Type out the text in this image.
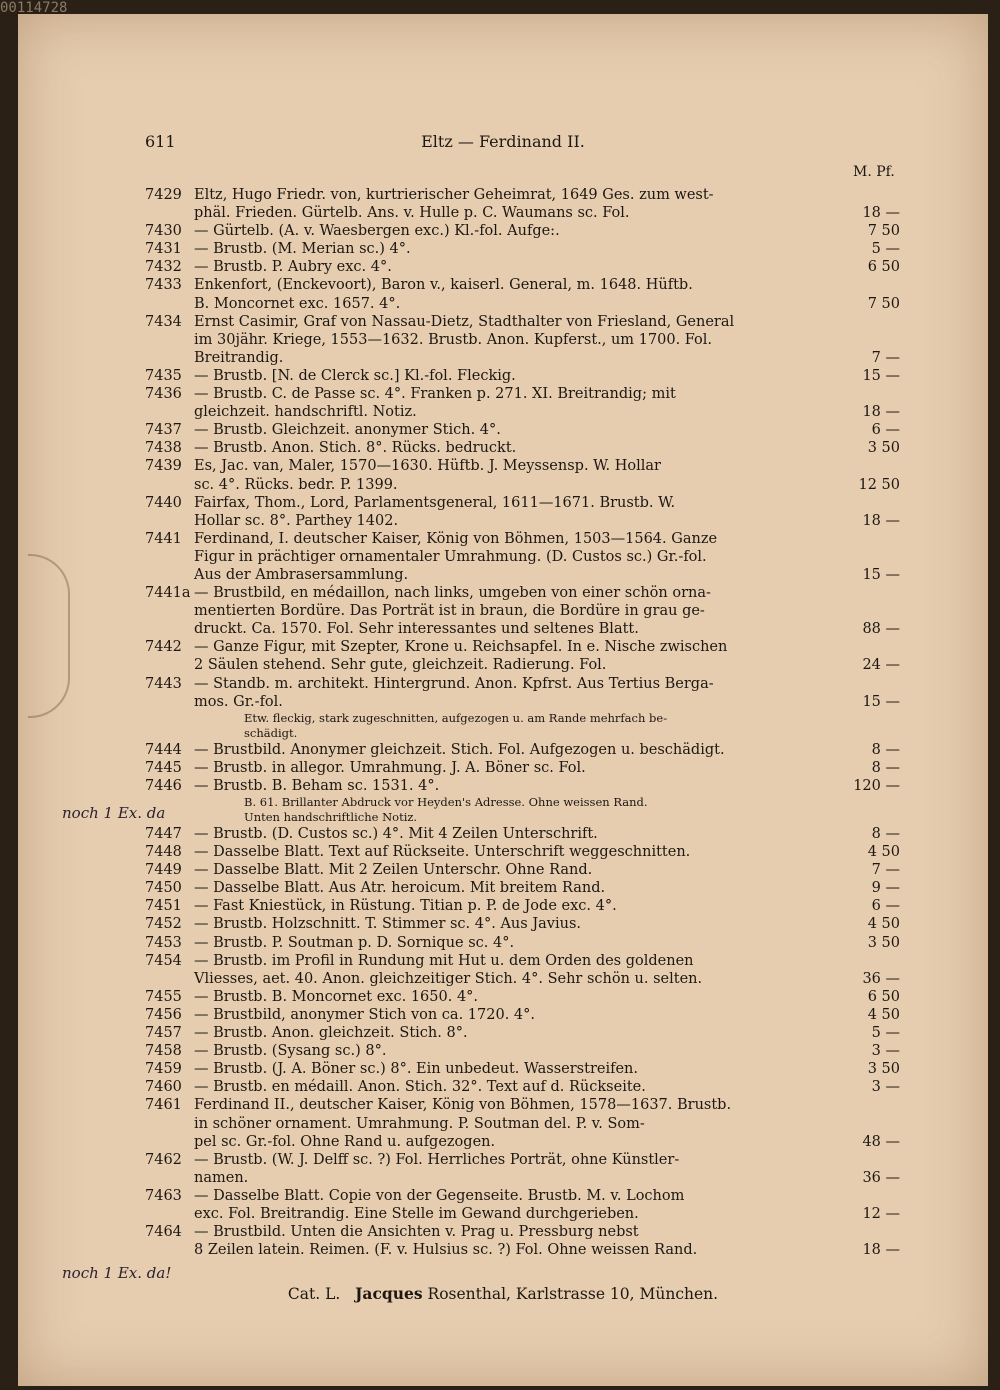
611	Eltz — Ferdinand II.
M. Pf.
7429 Eltz, Hugo Friedr. von, kurtrierischer Geheimrat, 1649 Ges. zum west-
phäl. Frieden. Gürtelb. Ans. v. Hulle p. C. Waumans sc. Fol.	18 —
7430 — Gürtelb. (A. v. Waesbergen exc.) Kl.-fol. Aufge:.	7 50
7431 — Brustb. (M. Merian sc.) 4°.	5 —
7432 — Brustb. P. Aubry exc. 4°.	6 50
7433 Enkenfort, (Enckevoort), Baron v., kaiserl. General, m. 1648. Hüftb.
B. Moncornet exc. 1657. 4°.	7 50
7434 Ernst Casimir, Graf von Nassau-Dietz, Stadthalter von Friesland, General
im 30jähr. Kriege, 1553—1632. Brustb. Anon. Kupferst., um 1700. Fol.
Breitrandig.	7 —
7435 — Brustb. [N. de Clerck sc.] Kl.-fol. Fleckig.	15 —
7436 — Brustb. C. de Passe sc. 4°. Franken p. 271. XI. Breitrandig; mit
gleichzeit. handschriftl. Notiz.	18 —
7437 — Brustb. Gleichzeit. anonymer Stich. 4°.	6 —
7438 — Brustb. Anon. Stich. 8°. Rücks. bedruckt.	3 50
7439 Es, Jac. van, Maler, 1570—1630. Hüftb. J. Meyssensp. W. Hollar
sc. 4°. Rücks. bedr. P. 1399.	12 50
7440 Fairfax, Thom., Lord, Parlamentsgeneral, 1611—1671. Brustb. W.
Hollar sc. 8°. Parthey 1402.	18 —
7441 Ferdinand, I. deutscher Kaiser, König von Böhmen, 1503—1564. Ganze
Figur in prächtiger ornamentaler Umrahmung. (D. Custos sc.) Gr.-fol.
Aus der Ambrasersammlung.	15 —
7441a — Brustbild, en médaillon, nach links, umgeben von einer schön orna-
mentierten Bordüre. Das Porträt ist in braun, die Bordüre in grau ge-
druckt. Ca. 1570. Fol. Sehr interessantes und seltenes Blatt.	88 —
7442 — Ganze Figur, mit Szepter, Krone u. Reichsapfel. In e. Nische zwischen
2 Säulen stehend. Sehr gute, gleichzeit. Radierung. Fol.	24 —
7443 — Standb. m. architekt. Hintergrund. Anon. Kpfrst. Aus Tertius Berga-
mos. Gr.-fol.	15 —
Etw. fleckig, stark zugeschnitten, aufgezogen u. am Rande mehrfach be-
schädigt.
7444 — Brustbild. Anonymer gleichzeit. Stich. Fol. Aufgezogen u. beschädigt.	8 —
7445 — Brustb. in allegor. Umrahmung. J. A. Böner sc. Fol.	8 —
7446 — Brustb. B. Beham sc. 1531. 4°.	120 —
B. 61. Brillanter Abdruck vor Heyden's Adresse. Ohne weissen Rand.
Unten handschriftliche Notiz.
7447 — Brustb. (D. Custos sc.) 4°. Mit 4 Zeilen Unterschrift.	8 —
7448 — Dasselbe Blatt. Text auf Rückseite. Unterschrift weggeschnitten.	4 50
7449 — Dasselbe Blatt. Mit 2 Zeilen Unterschr. Ohne Rand.	7 —
7450 — Dasselbe Blatt. Aus Atr. heroicum. Mit breitem Rand.	9 —
7451 — Fast Kniestück, in Rüstung. Titian p. P. de Jode exc. 4°.	6 —
7452 — Brustb. Holzschnitt. T. Stimmer sc. 4°. Aus Javius.	4 50
7453 — Brustb. P. Soutman p. D. Sornique sc. 4°.	3 50
7454 — Brustb. im Profil in Rundung mit Hut u. dem Orden des goldenen
Vliesses, aet. 40. Anon. gleichzeitiger Stich. 4°. Sehr schön u. selten.	36 —
7455 — Brustb. B. Moncornet exc. 1650. 4°.	6 50
7456 — Brustbild, anonymer Stich von ca. 1720. 4°.	4 50
7457 — Brustb. Anon. gleichzeit. Stich. 8°.	5 —
7458 — Brustb. (Sysang sc.) 8°.	3 —
7459 — Brustb. (J. A. Böner sc.) 8°. Ein unbedeut. Wasserstreifen.	3 50
7460 — Brustb. en médaill. Anon. Stich. 32°. Text auf d. Rückseite.	3 —
7461 Ferdinand II., deutscher Kaiser, König von Böhmen, 1578—1637. Brustb.
in schöner ornament. Umrahmung. P. Soutman del. P. v. Som-
pel sc. Gr.-fol. Ohne Rand u. aufgezogen.	48 —
7462 — Brustb. (W. J. Delff sc. ?) Fol. Herrliches Porträt, ohne Künstler-
namen.	36 —
7463 — Dasselbe Blatt. Copie von der Gegenseite. Brustb. M. v. Lochom
exc. Fol. Breitrandig. Eine Stelle im Gewand durchgerieben.	12 —
7464 — Brustbild. Unten die Ansichten v. Prag u. Pressburg nebst
8 Zeilen latein. Reimen. (F. v. Hulsius sc. ?) Fol. Ohne weissen Rand.	18 —
noch 1 Ex. da
noch 1 Ex. da!
Cat. L. Jacques Rosenthal, Karlstrasse 10, München.
00114728
